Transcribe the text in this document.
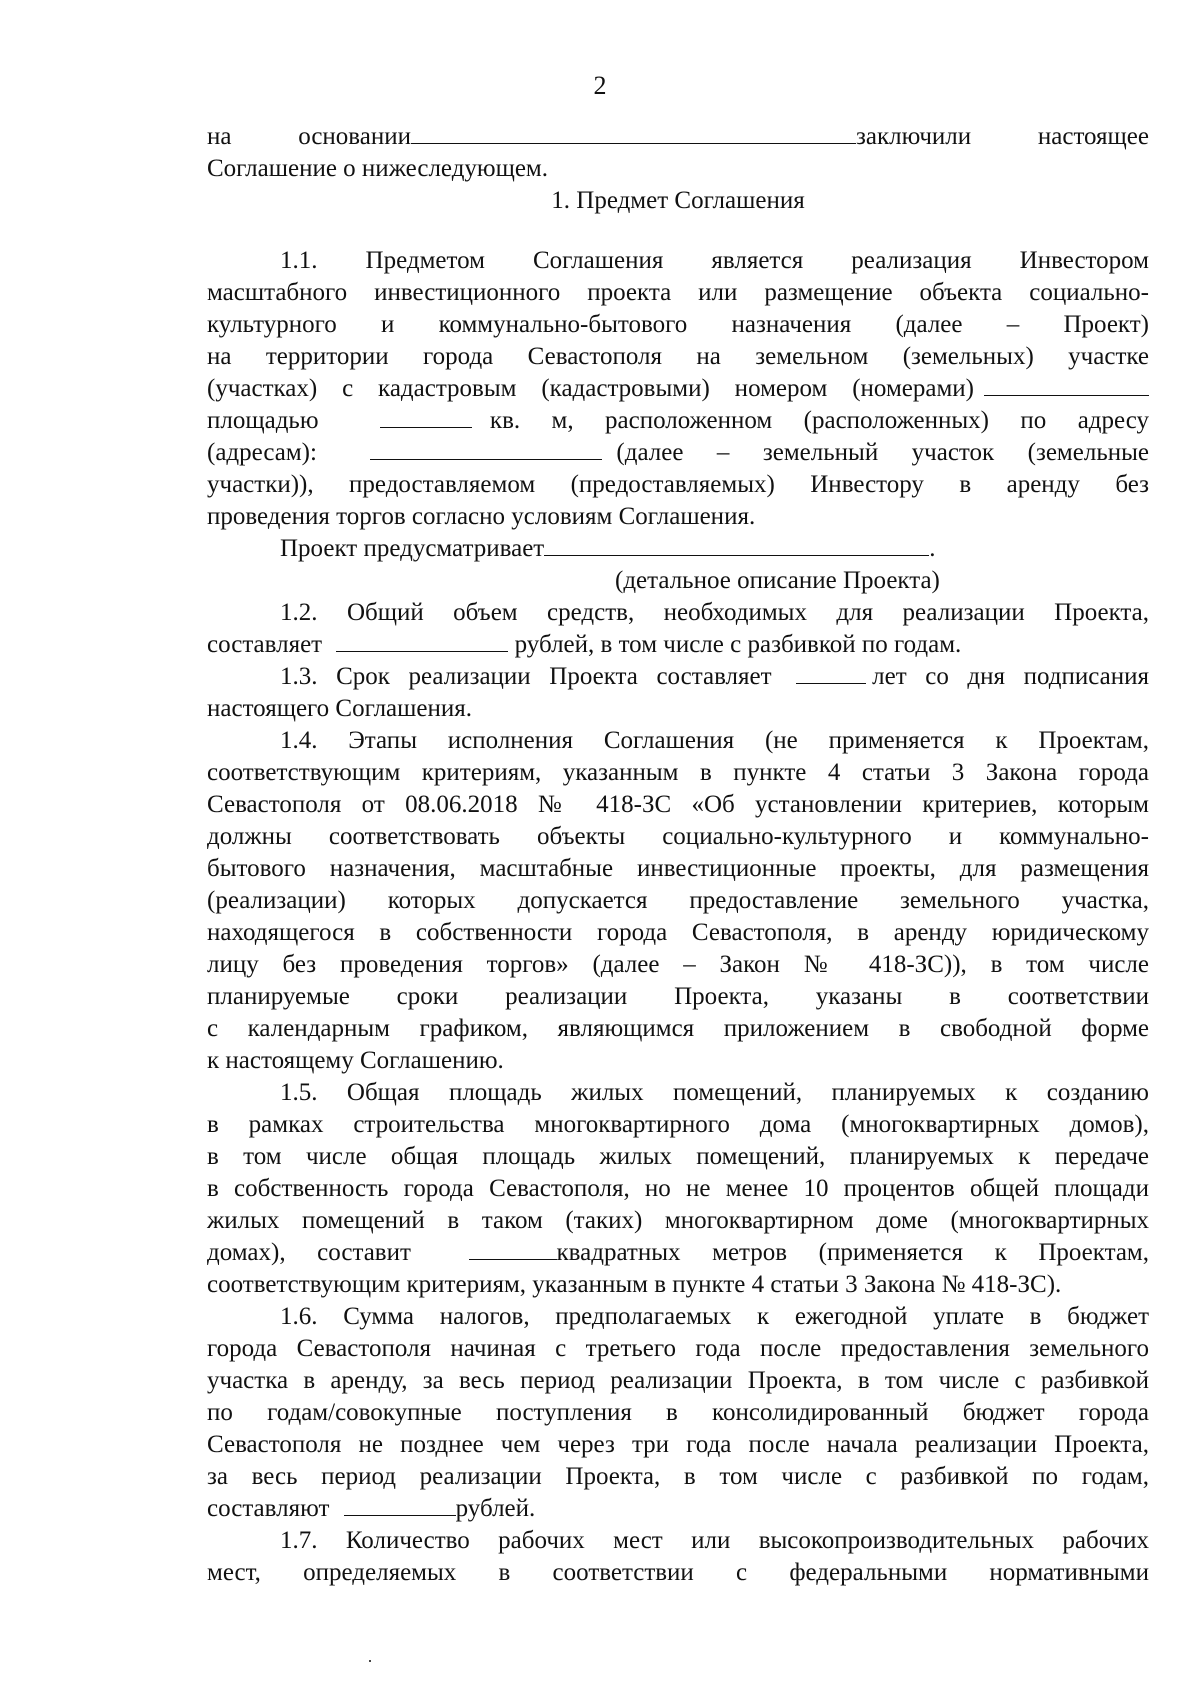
2
на основании	заключили настоящее

Соглашение о нижеследующем.

1. Предмет Соглашения

1.1. Предметом Соглашения является реализация Инвестором
масштабного инвестиционного проекта или размещение объекта социально-
культурного и коммунально-бытового назначения (далее – Проект)
на территории города Севастополя на земельном (земельных) участке
(участках) с кадастровым (кадастровыми) номером (номерами)
площадью	кв. м, расположенном (расположенных) по адресу
(адресам):	(далее – земельный участок (земельные
участки)), предоставляемом (предоставляемых) Инвестору в аренду без

проведения торгов согласно условиям Соглашения.

Проект предусматривает	.
(детальное описание Проекта)
1.2. Общий объем средств, необходимых для реализации Проекта,
составляет	рублей, в том числе с разбивкой по годам.
1.3. Срок реализации Проекта составляет	лет со дня подписания

настоящего Соглашения.

1.4. Этапы исполнения Соглашения (не применяется к Проектам,
соответствующим критериям, указанным в пункте 4 статьи 3 Закона города
Севастополя от 08.06.2018 № 418-ЗС «Об установлении критериев, которым
должны соответствовать объекты социально-культурного и коммунально-
бытового назначения, масштабные инвестиционные проекты, для размещения
(реализации) которых допускается предоставление земельного участка,
находящегося в собственности города Севастополя, в аренду юридическому
лицу без проведения торгов» (далее – Закон № 418-ЗС)), в том числе
планируемые сроки реализации Проекта, указаны в соответствии
с календарным графиком, являющимся приложением в свободной форме

к настоящему Соглашению.

1.5. Общая площадь жилых помещений, планируемых к созданию
в рамках строительства многоквартирного дома (многоквартирных домов),
в том числе общая площадь жилых помещений, планируемых к передаче
в собственность города Севастополя, но не менее 10 процентов общей площади
жилых помещений в таком (таких) многоквартирном доме (многоквартирных
домах), составит	квадратных метров (применяется к Проектам,

соответствующим критериям, указанным в пункте 4 статьи 3 Закона № 418-ЗС).

1.6. Сумма налогов, предполагаемых к ежегодной уплате в бюджет
города Севастополя начиная с третьего года после предоставления земельного
участка в аренду, за весь период реализации Проекта, в том числе с разбивкой
по годам/совокупные поступления в консолидированный бюджет города
Севастополя не позднее чем через три года после начала реализации Проекта,
за весь период реализации Проекта, в том числе с разбивкой по годам,
составляют	рублей.
1.7. Количество рабочих мест или высокопроизводительных рабочих
мест, определяемых в соответствии с федеральными нормативными
